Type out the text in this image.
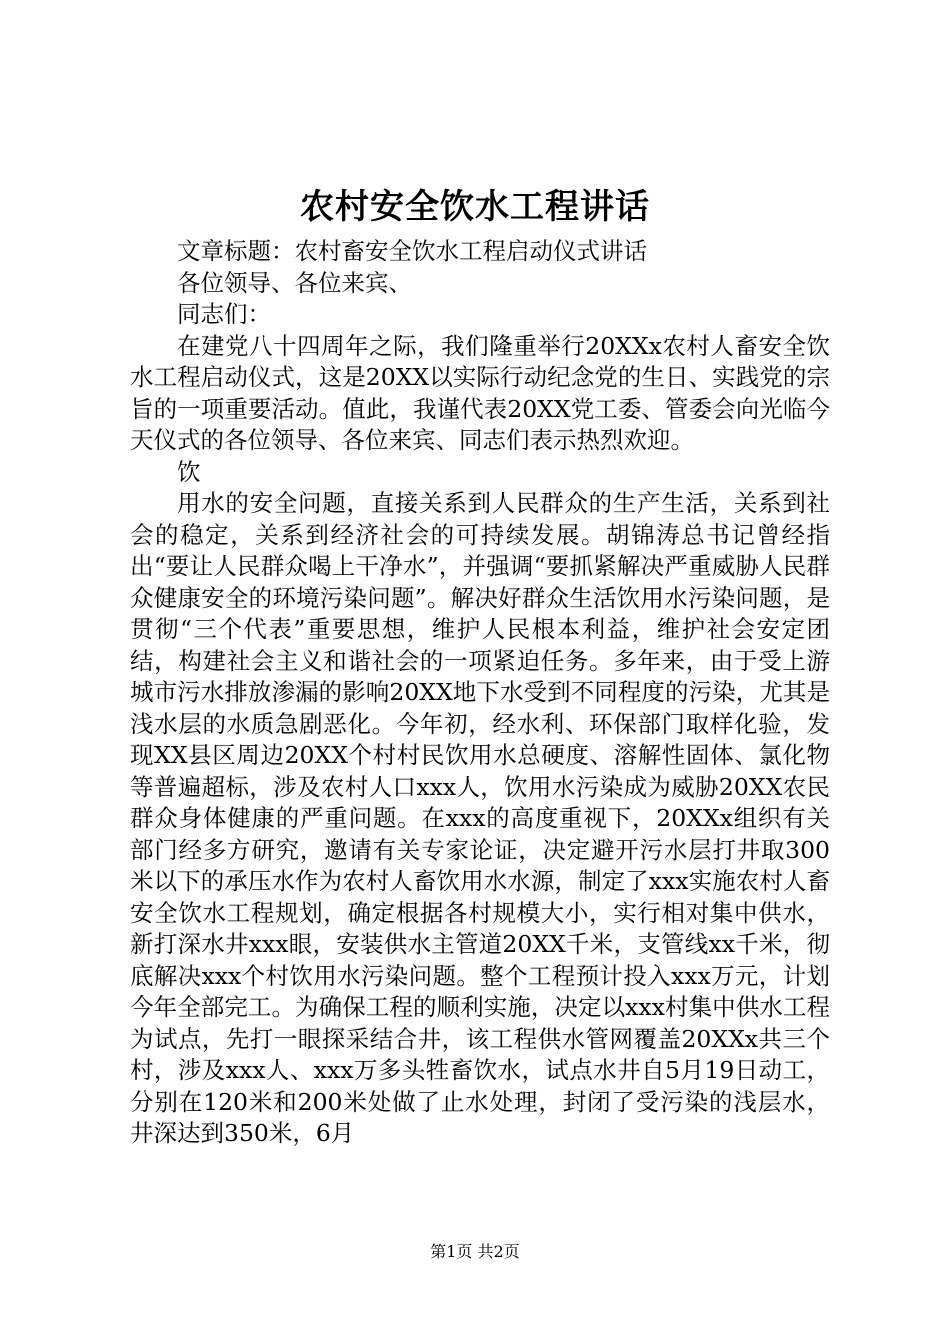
农村安全饮水工程讲话

文章标题：农村畜安全饮水工程启动仪式讲话

各位领导、各位来宾、

同志们：

在建党八十四周年之际，我们隆重举行20XXx农村人畜安全饮水工程启动仪式，这是20XX以实际行动纪念党的生日、实践党的宗旨的一项重要活动。值此，我谨代表20XX党工委、管委会向光临今天仪式的各位领导、各位来宾、同志们表示热烈欢迎。

饮

用水的安全问题，直接关系到人民群众的生产生活，关系到社会的稳定，关系到经济社会的可持续发展。胡锦涛总书记曾经指出“要让人民群众喝上干净水”，并强调“要抓紧解决严重威胁人民群众健康安全的环境污染问题”。解决好群众生活饮用水污染问题，是贯彻“三个代表”重要思想，维护人民根本利益，维护社会安定团结，构建社会主义和谐社会的一项紧迫任务。多年来，由于受上游城市污水排放渗漏的影响20XX地下水受到不同程度的污染，尤其是浅水层的水质急剧恶化。今年初，经水利、环保部门取样化验，发现XX县区周边20XX个村村民饮用水总硬度、溶解性固体、氯化物等普遍超标，涉及农村人口xxx人，饮用水污染成为威胁20XX农民群众身体健康的严重问题。在xxx的高度重视下，20XXx组织有关部门经多方研究，邀请有关专家论证，决定避开污水层打井取300米以下的承压水作为农村人畜饮用水水源，制定了xxx实施农村人畜安全饮水工程规划，确定根据各村规模大小，实行相对集中供水，新打深水井xxx眼，安装供水主管道20XX千米，支管线xx千米，彻底解决xxx个村饮用水污染问题。整个工程预计投入xxx万元，计划今年全部完工。为确保工程的顺利实施，决定以xxx村集中供水工程为试点，先打一眼探采结合井，该工程供水管网覆盖20XXx共三个村，涉及xxx人、xxx万多头牲畜饮水，试点水井自5月19日动工，分别在120米和200米处做了止水处理，封闭了受污染的浅层水，井深达到350米，6月

第1页 共2页
